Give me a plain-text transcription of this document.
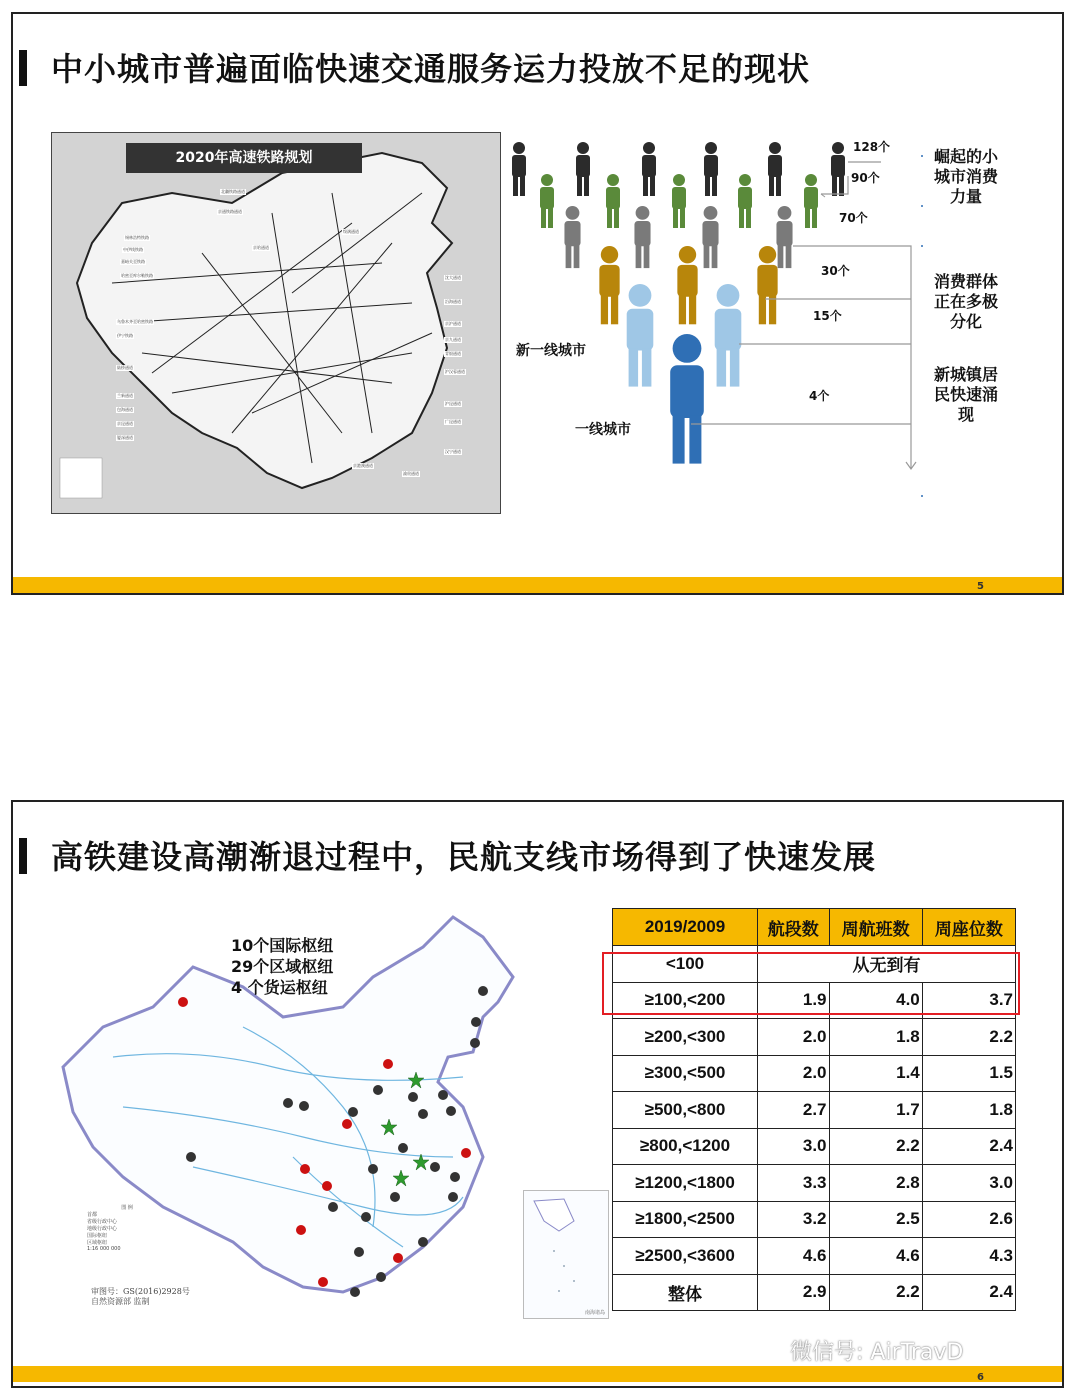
中小城市普遍面临快速交通服务运力投放不足的现状
2020年高速铁路规划
北疆铁路通道
京通铁路通道
锡林浩特铁路
中伊线铁路
嘉峪关至铁路
哈密至库尔勒铁路
乌鲁木齐至哈密铁路
伊宁铁路
绥满通道
京哈通道
沈大通道
沿海通道
京沪通道
京九通道
青银通道
陆桥通道
沪汉蓉通道
沪昆通道
广昆通道
兰新通道
包海通道
京昆通道
厦深通道
京港澳通道
渝贵通道
汉宁通道
128个
90个
70个
30个
15个
4个
新一线城市
一线城市
崛起的小
城市消费
力量
消费群体
正在多极
分化
新城镇居
民快速涌
现
5
高铁建设高潮渐退过程中，民航支线市场得到了快速发展
10个国际枢纽
29个区域枢纽
4 个货运枢纽
图 例
首都
省级行政中心
地级行政中心
国际枢纽
区域枢纽
1:16 000 000
审图号：GS(2016)2928号
自然资源部 监制
南海诸岛
2019/2009	航段数	周航班数	周座位数
<100	从无到有		
≥100,<200	1.9	4.0	3.7
≥200,<300	2.0	1.8	2.2
≥300,<500	2.0	1.4	1.5
≥500,<800	2.7	1.7	1.8
≥800,<1200	3.0	2.2	2.4
≥1200,<1800	3.3	2.8	3.0
≥1800,<2500	3.2	2.5	2.6
≥2500,<3600	4.6	4.6	4.3
整体	2.9	2.2	2.4
6
微信号: AirTravD
